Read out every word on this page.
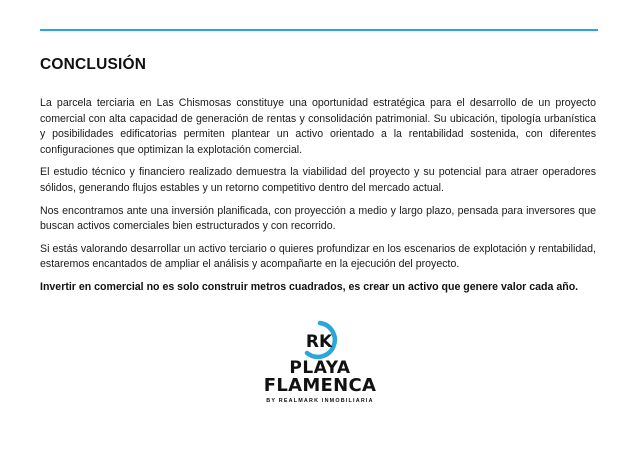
CONCLUSIÓN

La parcela terciaria en Las Chismosas constituye una oportunidad estratégica para el desarrollo de un proyecto comercial con alta capacidad de generación de rentas y consolidación patrimonial. Su ubicación, tipología urbanística y posibilidades edificatorias permiten plantear un activo orientado a la rentabilidad sostenida, con diferentes configuraciones que optimizan la explotación comercial.

El estudio técnico y financiero realizado demuestra la viabilidad del proyecto y su potencial para atraer operadores sólidos, generando flujos estables y un retorno competitivo dentro del mercado actual.

Nos encontramos ante una inversión planificada, con proyección a medio y largo plazo, pensada para inversores que buscan activos comerciales bien estructurados y con recorrido.

Si estás valorando desarrollar un activo terciario o quieres profundizar en los escenarios de explotación y rentabilidad, estaremos encantados de ampliar el análisis y acompañarte en la ejecución del proyecto.

Invertir en comercial no es solo construir metros cuadrados, es crear un activo que genere valor cada año.

RK

PLAYA

FLAMENCA

BY REALMARK INMOBILIARIA
